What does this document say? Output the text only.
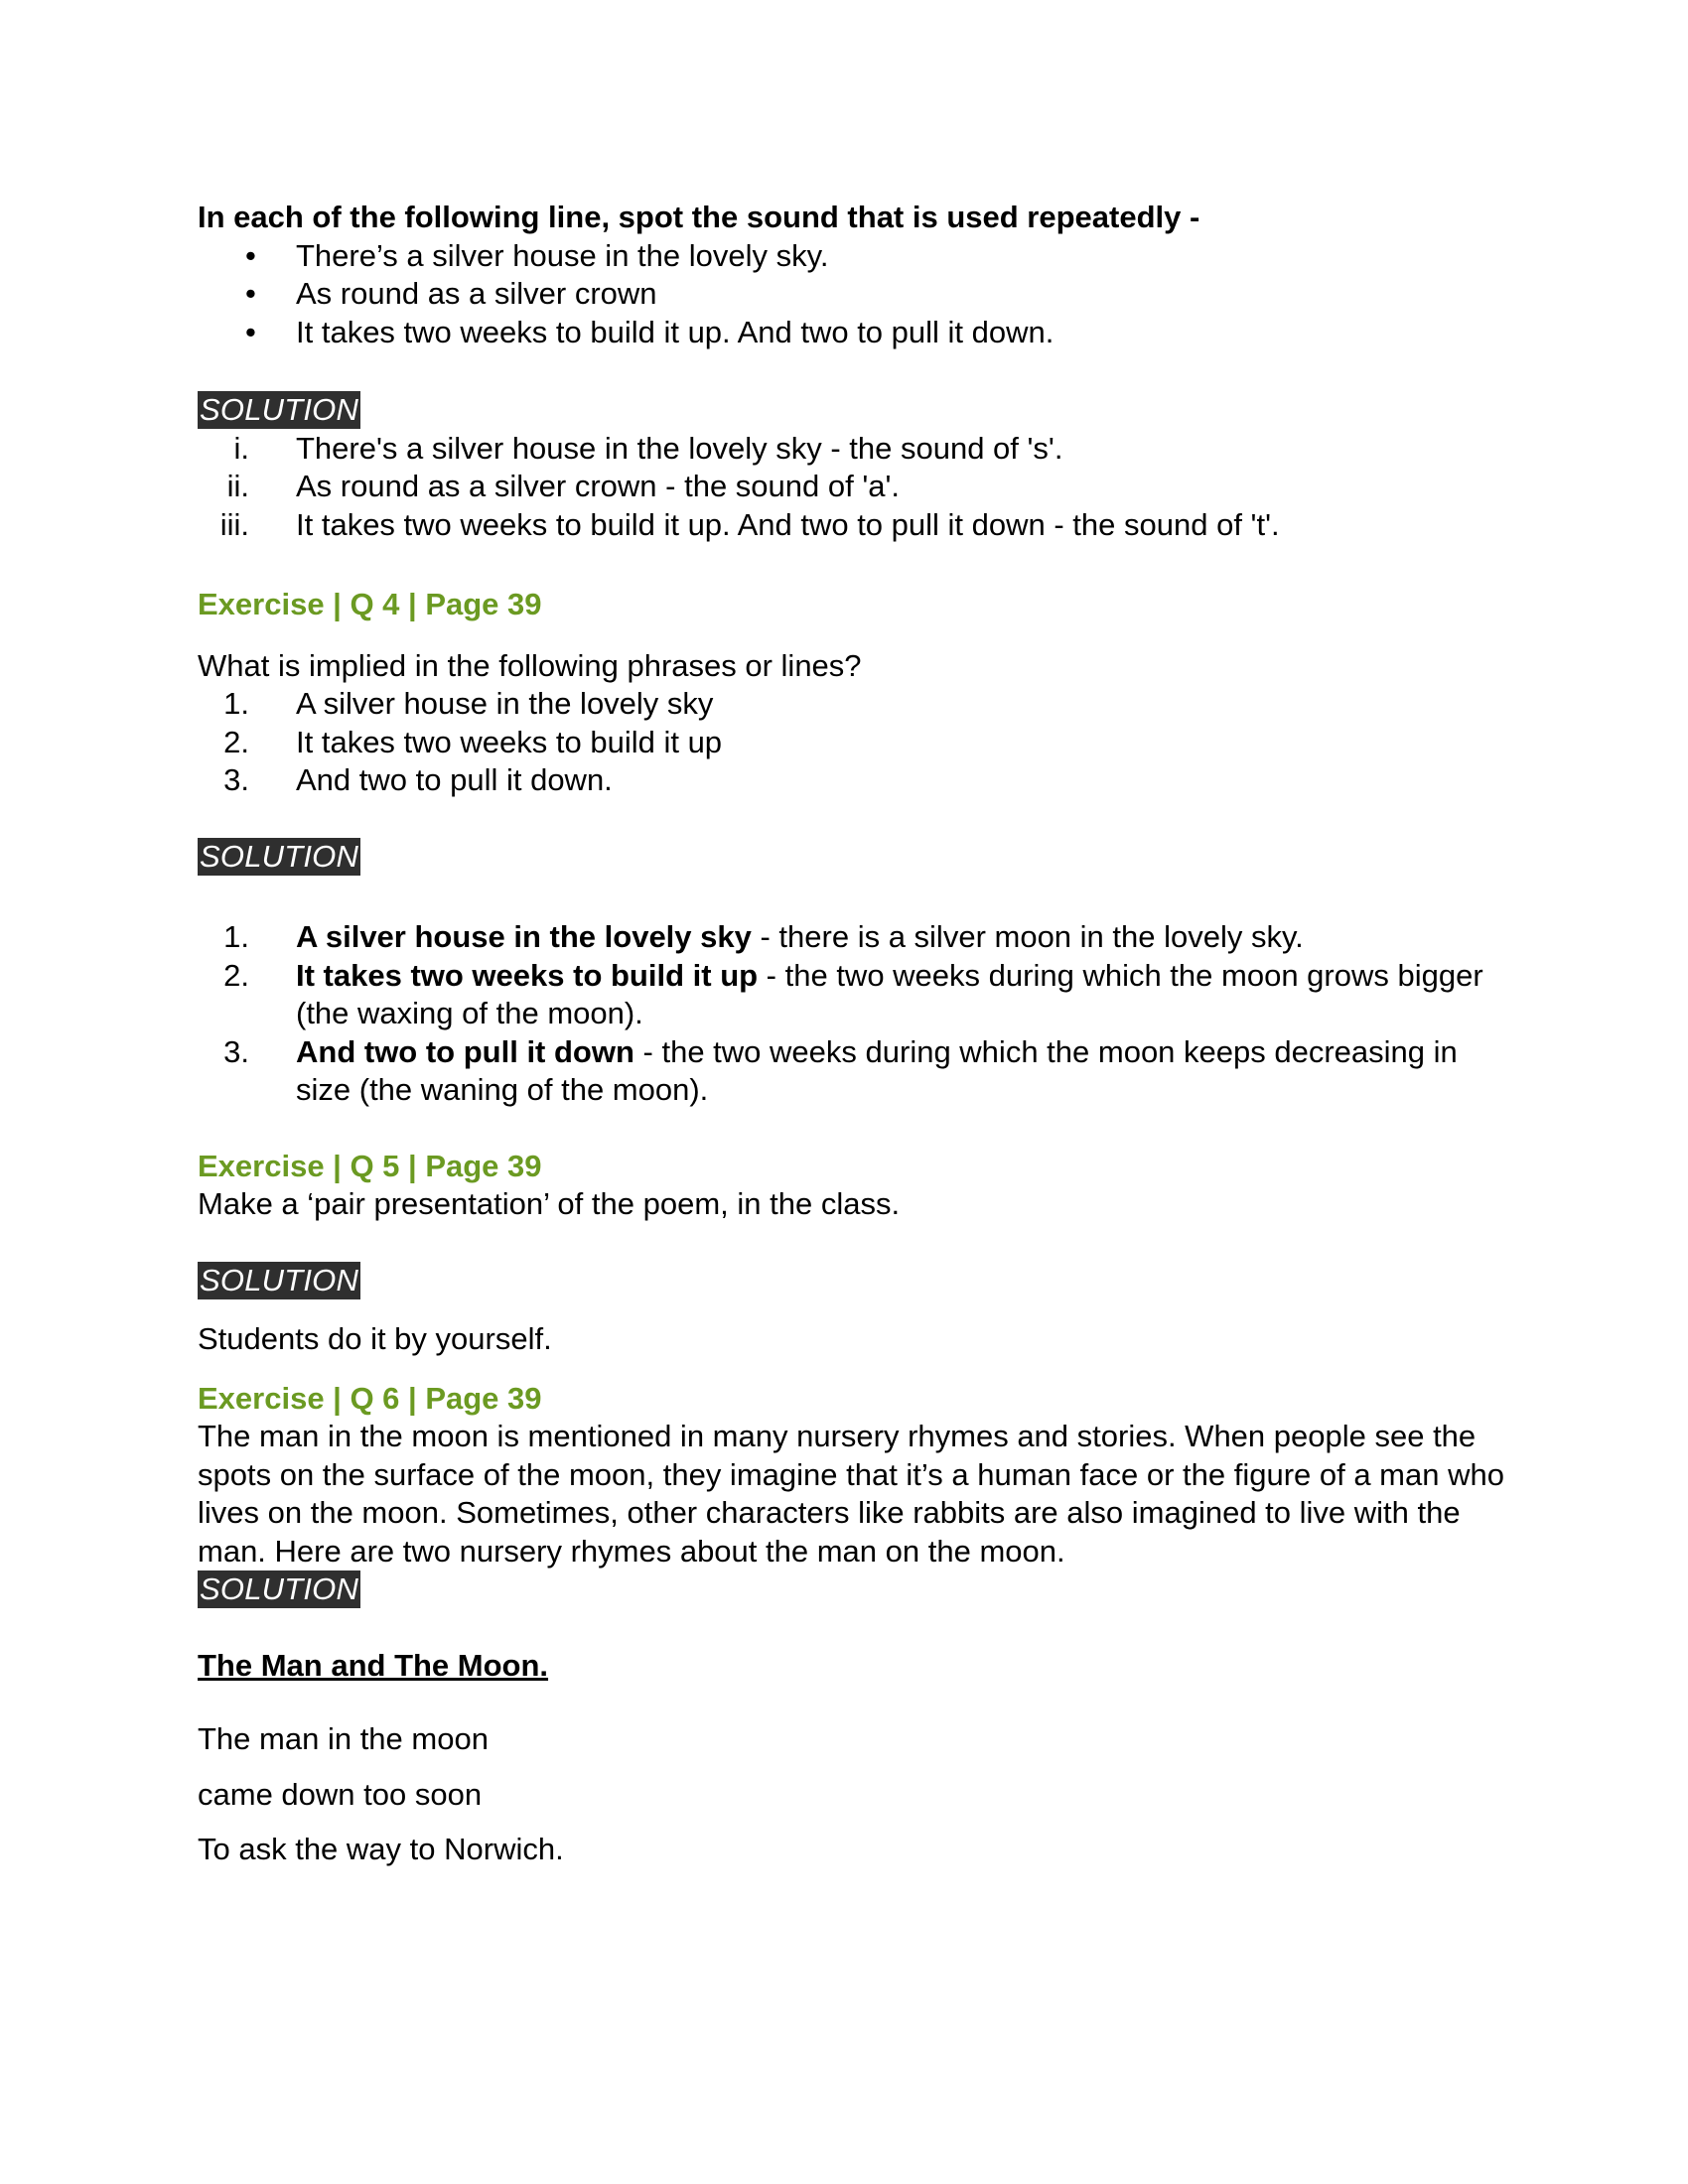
In each of the following line, spot the sound that is used repeatedly -

• There’s a silver house in the lovely sky.
• As round as a silver crown
• It takes two weeks to build it up. And two to pull it down.
SOLUTION
i. There's a silver house in the lovely sky - the sound of 's'.
ii. As round as a silver crown - the sound of 'a'.
iii. It takes two weeks to build it up. And two to pull it down - the sound of 't'.

Exercise | Q 4 | Page 39

What is implied in the following phrases or lines?

1. A silver house in the lovely sky
2. It takes two weeks to build it up
3. And two to pull it down.
SOLUTION
1. A silver house in the lovely sky - there is a silver moon in the lovely sky.
2. It takes two weeks to build it up - the two weeks during which the moon grows bigger (the waxing of the moon).
3. And two to pull it down - the two weeks during which the moon keeps decreasing in size (the waning of the moon).

Exercise | Q 5 | Page 39

Make a ‘pair presentation’ of the poem, in the class.

SOLUTION

Students do it by yourself.

Exercise | Q 6 | Page 39

The man in the moon is mentioned in many nursery rhymes and stories. When people see the spots on the surface of the moon, they imagine that it’s a human face or the figure of a man who lives on the moon. Sometimes, other characters like rabbits are also imagined to live with the man. Here are two nursery rhymes about the man on the moon.

SOLUTION

The Man and The Moon.

The man in the moon

came down too soon

To ask the way to Norwich.
